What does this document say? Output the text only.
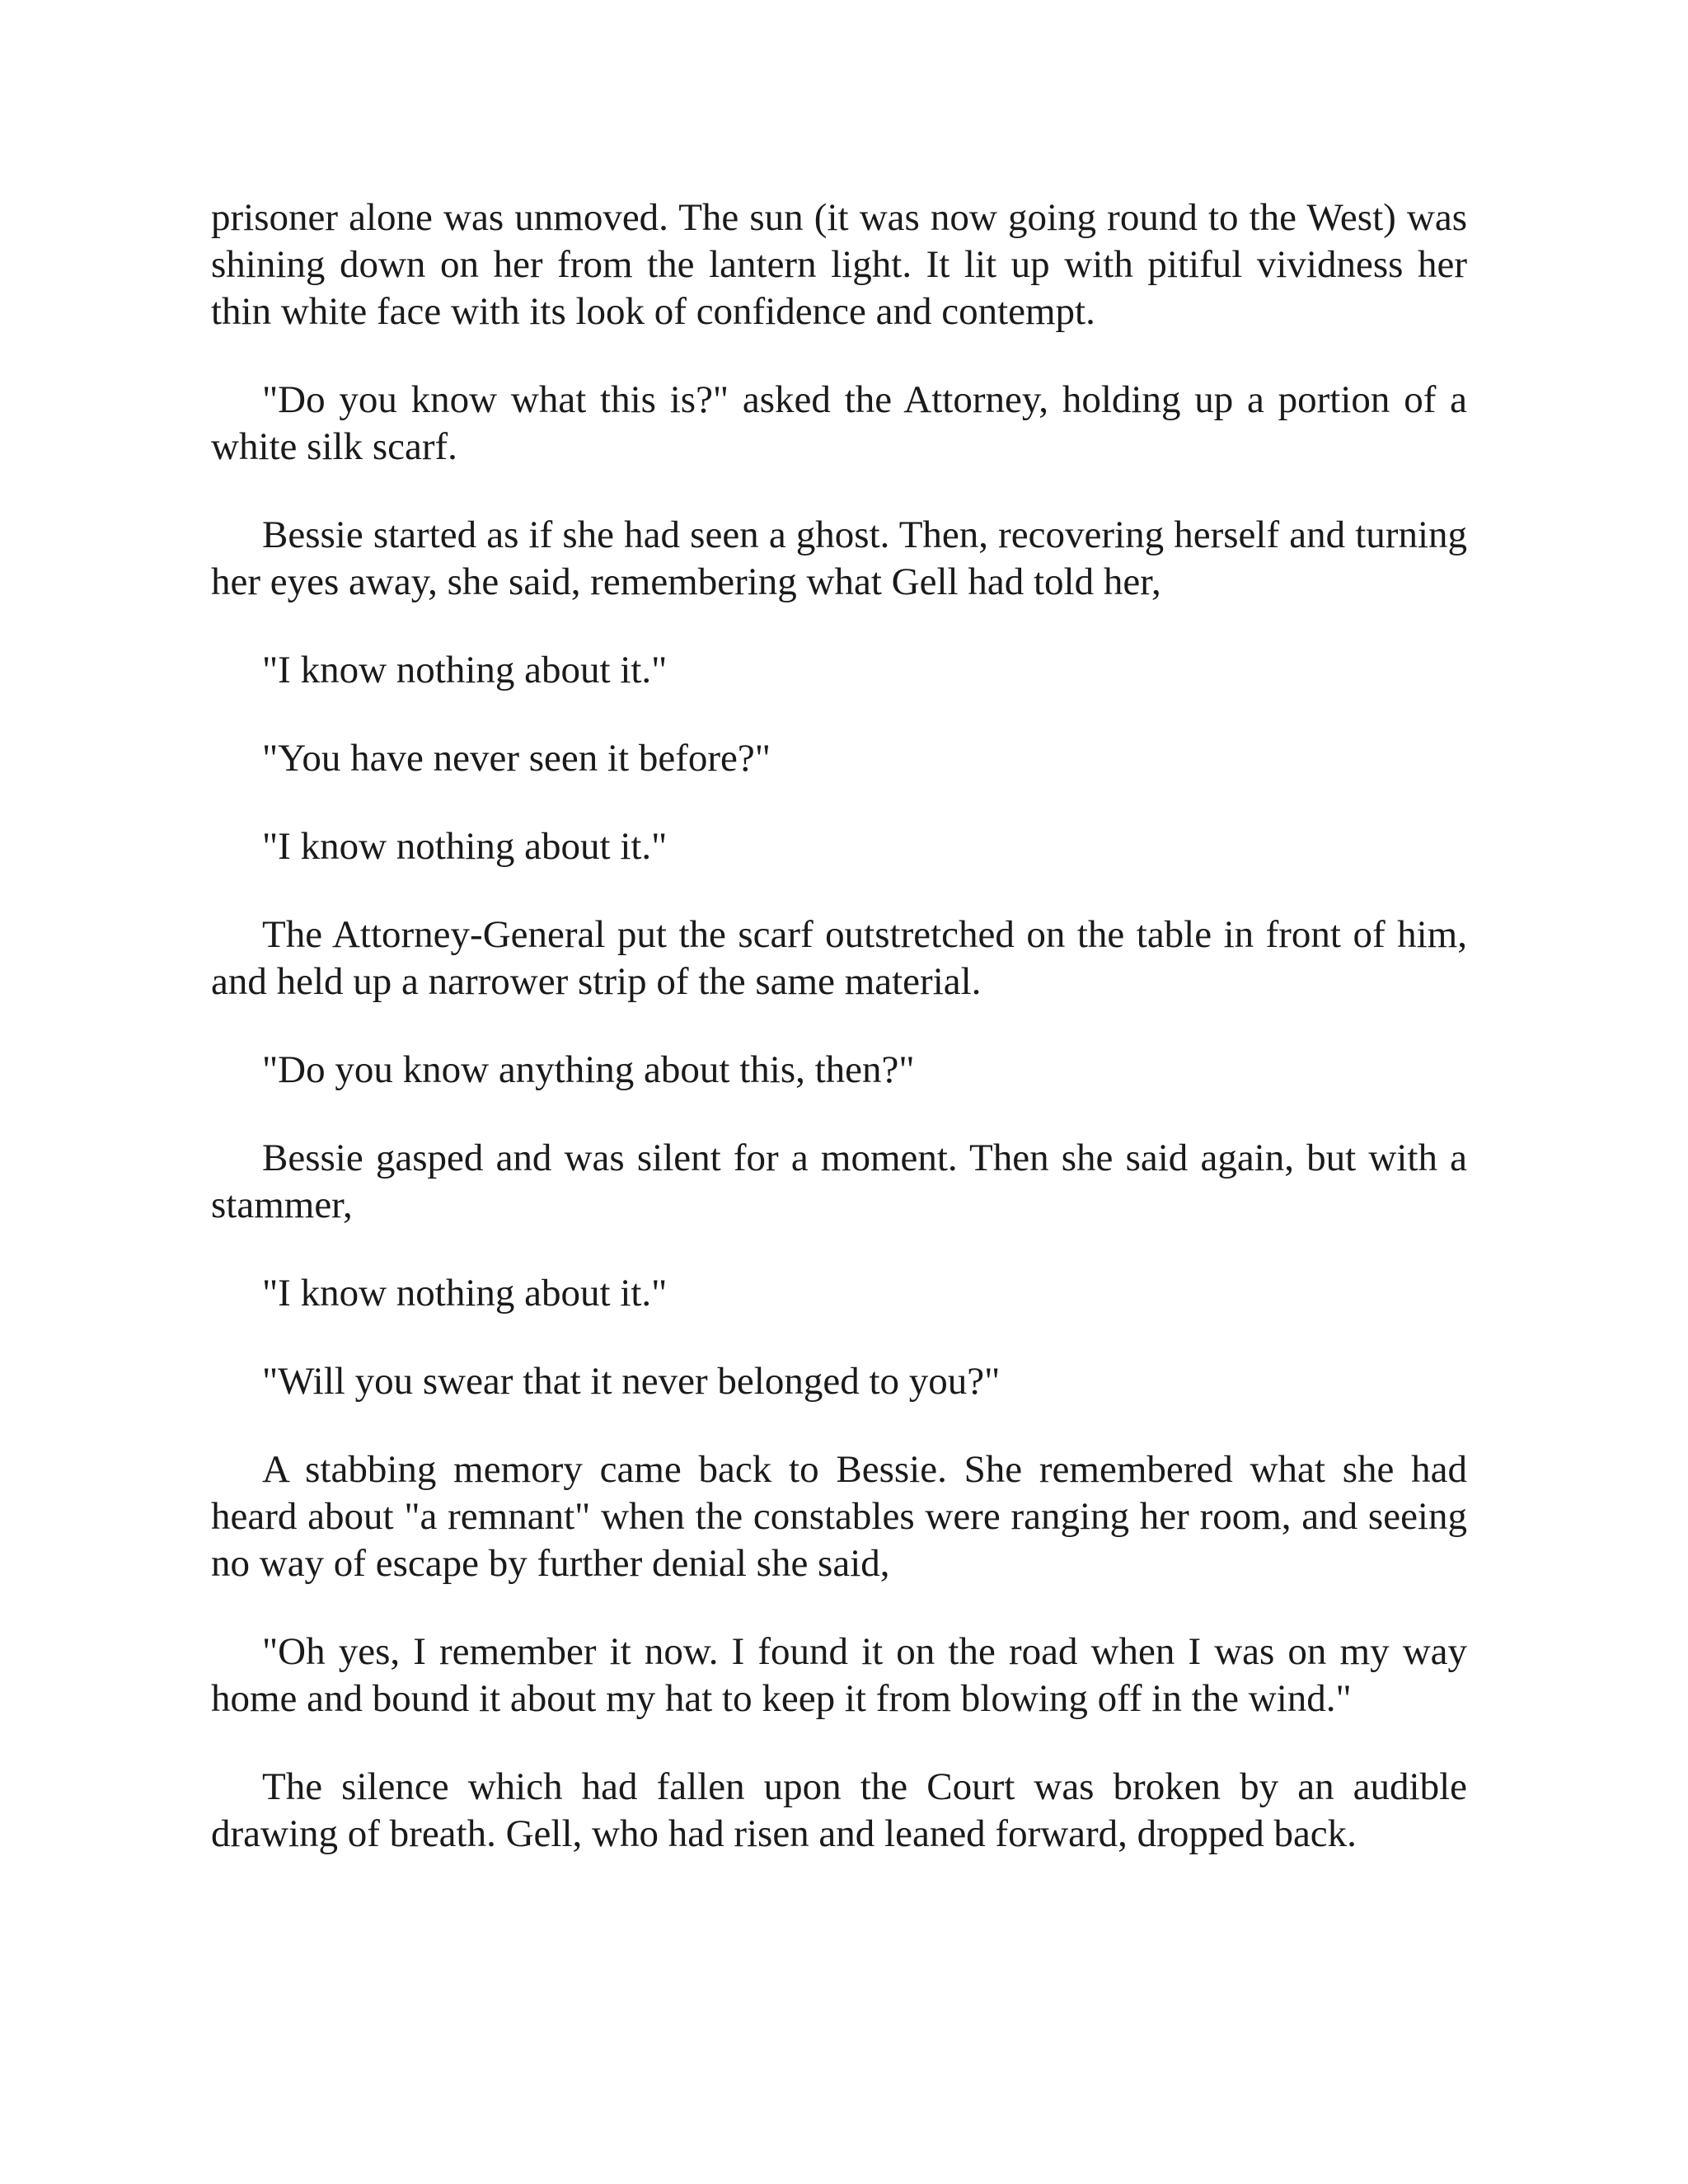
prisoner alone was unmoved. The sun (it was now going round to the West) was shining down on her from the lantern light. It lit up with pitiful vividness her thin white face with its look of confidence and contempt.

"Do you know what this is?" asked the Attorney, holding up a portion of a white silk scarf.

Bessie started as if she had seen a ghost. Then, recovering herself and turning her eyes away, she said, remembering what Gell had told her,

"I know nothing about it."

"You have never seen it before?"

"I know nothing about it."

The Attorney-General put the scarf outstretched on the table in front of him, and held up a narrower strip of the same material.

"Do you know anything about this, then?"

Bessie gasped and was silent for a moment. Then she said again, but with a stammer,

"I know nothing about it."

"Will you swear that it never belonged to you?"

A stabbing memory came back to Bessie. She remembered what she had heard about "a remnant" when the constables were ranging her room, and seeing no way of escape by further denial she said,

"Oh yes, I remember it now. I found it on the road when I was on my way home and bound it about my hat to keep it from blowing off in the wind."

The silence which had fallen upon the Court was broken by an audible drawing of breath. Gell, who had risen and leaned forward, dropped back.
